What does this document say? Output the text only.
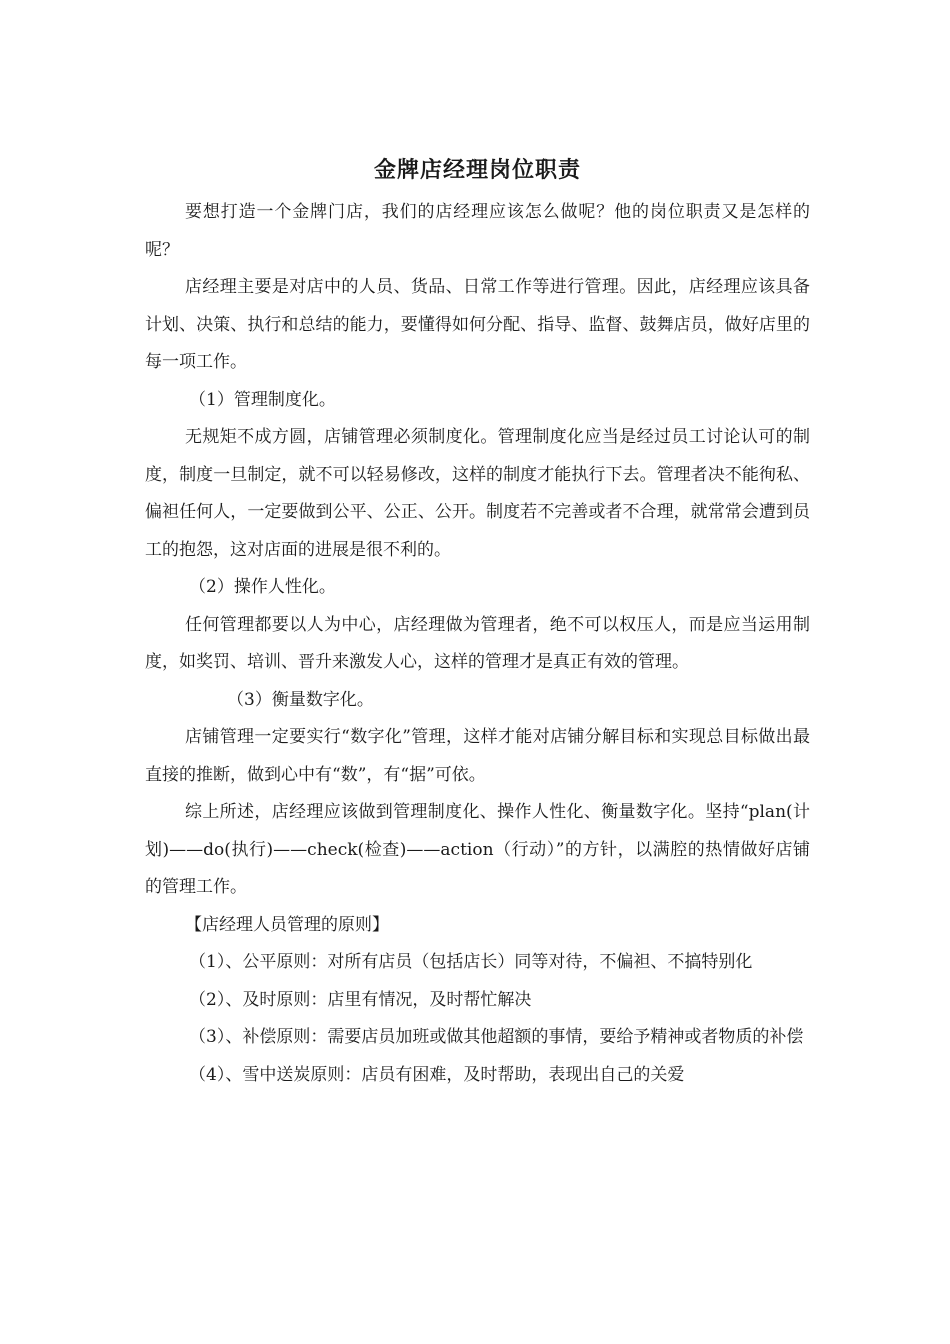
金牌店经理岗位职责

要想打造一个金牌门店，我们的店经理应该怎么做呢？他的岗位职责又是怎样的呢？

店经理主要是对店中的人员、货品、日常工作等进行管理。因此，店经理应该具备计划、决策、执行和总结的能力，要懂得如何分配、指导、监督、鼓舞店员，做好店里的每一项工作。

（1）管理制度化。

无规矩不成方圆，店铺管理必须制度化。管理制度化应当是经过员工讨论认可的制度，制度一旦制定，就不可以轻易修改，这样的制度才能执行下去。管理者决不能徇私、偏袒任何人，一定要做到公平、公正、公开。制度若不完善或者不合理，就常常会遭到员工的抱怨，这对店面的进展是很不利的。

（2）操作人性化。

任何管理都要以人为中心，店经理做为管理者，绝不可以权压人，而是应当运用制度，如奖罚、培训、晋升来激发人心，这样的管理才是真正有效的管理。

（3）衡量数字化。

店铺管理一定要实行“数字化”管理，这样才能对店铺分解目标和实现总目标做出最直接的推断，做到心中有“数”，有“据”可依。

综上所述，店经理应该做到管理制度化、操作人性化、衡量数字化。坚持“plan(计划)——do(执行)——check(检查)——action（行动）”的方针，以满腔的热情做好店铺的管理工作。

【店经理人员管理的原则】

（1）、公平原则：对所有店员（包括店长）同等对待，不偏袒、不搞特别化

（2）、及时原则：店里有情况，及时帮忙解决

（3）、补偿原则：需要店员加班或做其他超额的事情，要给予精神或者物质的补偿

（4）、雪中送炭原则：店员有困难，及时帮助，表现出自己的关爱
